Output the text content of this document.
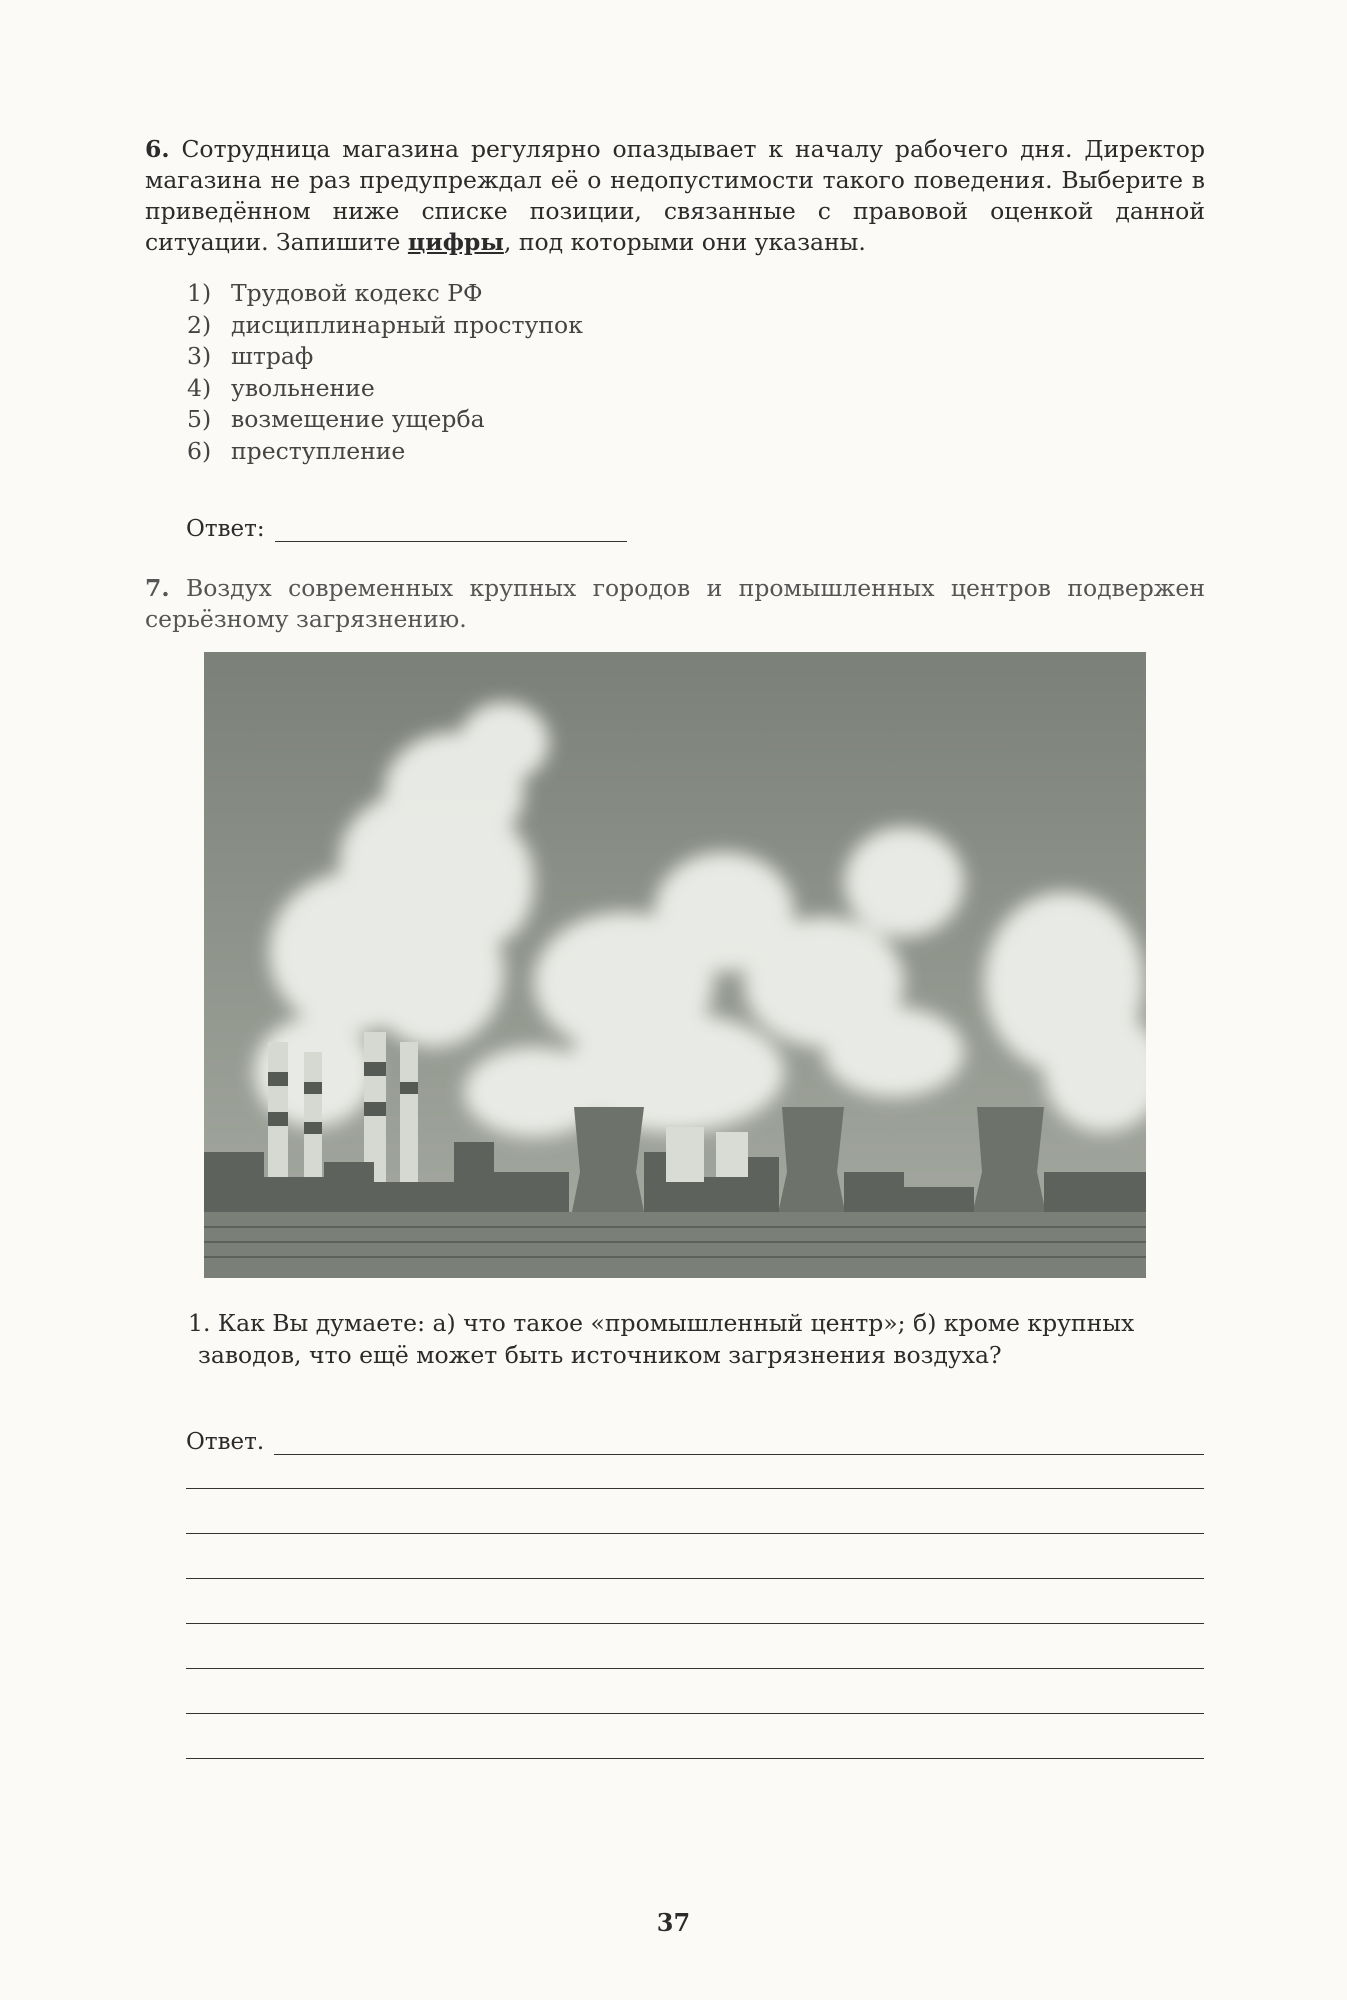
6. Сотрудница магазина регулярно опаздывает к началу рабочего дня. Директор магазина не раз предупреждал её о недопустимости такого поведения. Выберите в приведённом ниже списке позиции, связанные с правовой оценкой данной ситуации. Запишите цифры, под которыми они указаны.

1) Трудовой кодекс РФ
2) дисциплинарный проступок
3) штраф
4) увольнение
5) возмещение ущерба
6) преступление
Ответ:

7. Воздух современных крупных городов и промышленных центров подвержен серьёзному загрязнению.

1. Как Вы думаете: а) что такое «промышленный центр»; б) кроме крупных
заводов, что ещё может быть источником загрязнения воздуха?
Ответ.
37
